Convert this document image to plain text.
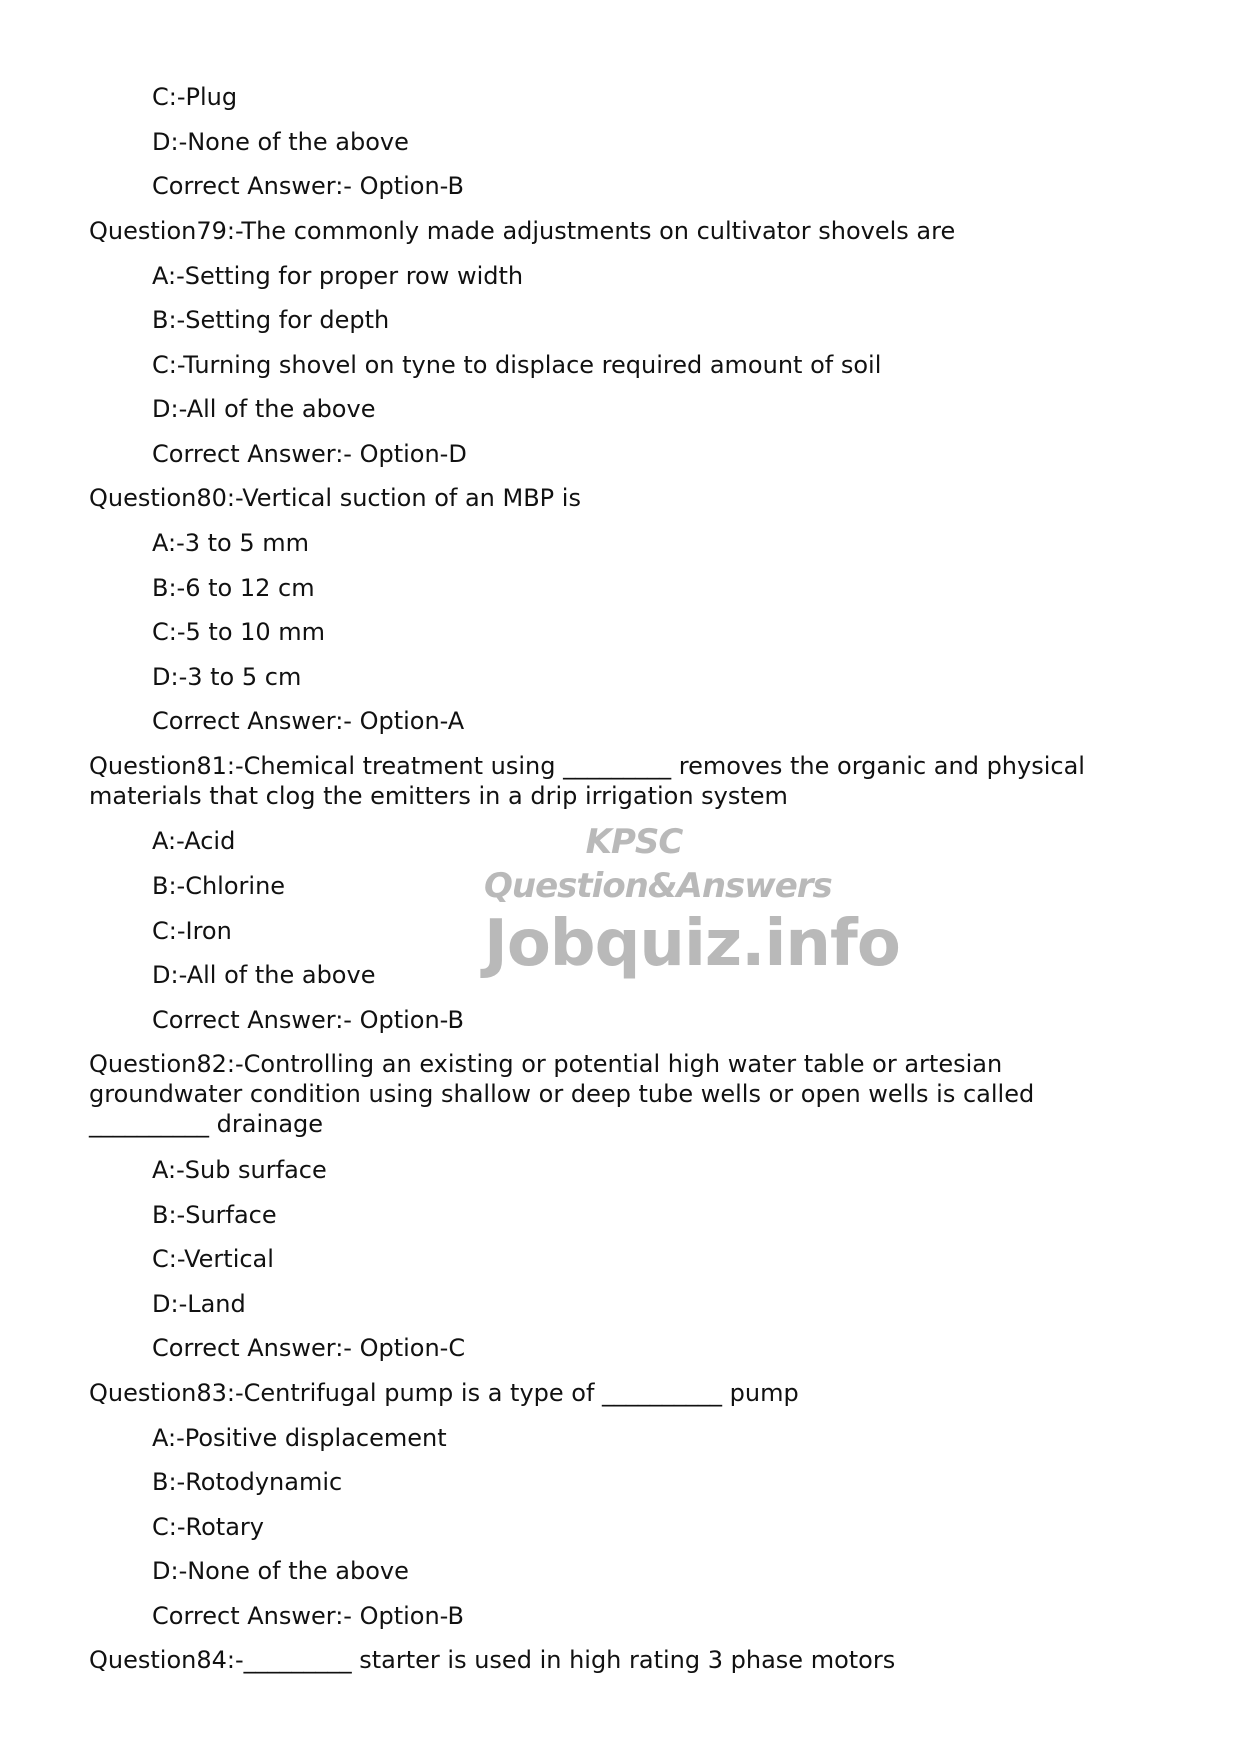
C:-Plug
D:-None of the above
Correct Answer:- Option-B
Question79:-The commonly made adjustments on cultivator shovels are
A:-Setting for proper row width
B:-Setting for depth
C:-Turning shovel on tyne to displace required amount of soil
D:-All of the above
Correct Answer:- Option-D
Question80:-Vertical suction of an MBP is
A:-3 to 5 mm
B:-6 to 12 cm
C:-5 to 10 mm
D:-3 to 5 cm
Correct Answer:- Option-A
Question81:-Chemical treatment using _________ removes the organic and physical materials that clog the emitters in a drip irrigation system
A:-Acid
B:-Chlorine
C:-Iron
D:-All of the above
Correct Answer:- Option-B
Question82:-Controlling an existing or potential high water table or artesian groundwater condition using shallow or deep tube wells or open wells is called __________ drainage
A:-Sub surface
B:-Surface
C:-Vertical
D:-Land
Correct Answer:- Option-C
Question83:-Centrifugal pump is a type of __________ pump
A:-Positive displacement
B:-Rotodynamic
C:-Rotary
D:-None of the above
Correct Answer:- Option-B
Question84:-_________ starter is used in high rating 3 phase motors
KPSC Question&Answers
Jobquiz.info
